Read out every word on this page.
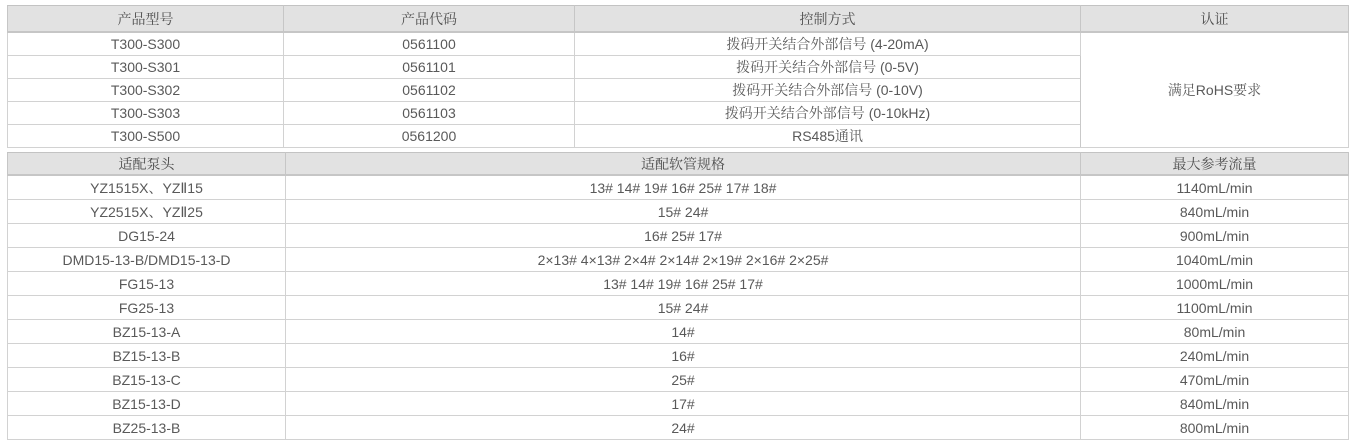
产品型号	产品代码	控制方式	认证
T300-S300	0561100	拨码开关结合外部信号 (4-20mA)	满足RoHS要求
T300-S301	0561101	拨码开关结合外部信号 (0-5V)	
T300-S302	0561102	拨码开关结合外部信号 (0-10V)	
T300-S303	0561103	拨码开关结合外部信号 (0-10kHz)	
T300-S500	0561200	RS485通讯	
适配泵头	适配软管规格	最大参考流量
YZ1515X、YZⅡ15	13# 14# 19# 16# 25# 17# 18#	1140mL/min
YZ2515X、YZⅡ25	15# 24#	840mL/min
DG15-24	16# 25# 17#	900mL/min
DMD15-13-B/DMD15-13-D	2×13# 4×13# 2×4# 2×14# 2×19# 2×16# 2×25#	1040mL/min
FG15-13	13# 14# 19# 16# 25# 17#	1000mL/min
FG25-13	15# 24#	1100mL/min
BZ15-13-A	14#	80mL/min
BZ15-13-B	16#	240mL/min
BZ15-13-C	25#	470mL/min
BZ15-13-D	17#	840mL/min
BZ25-13-B	24#	800mL/min
